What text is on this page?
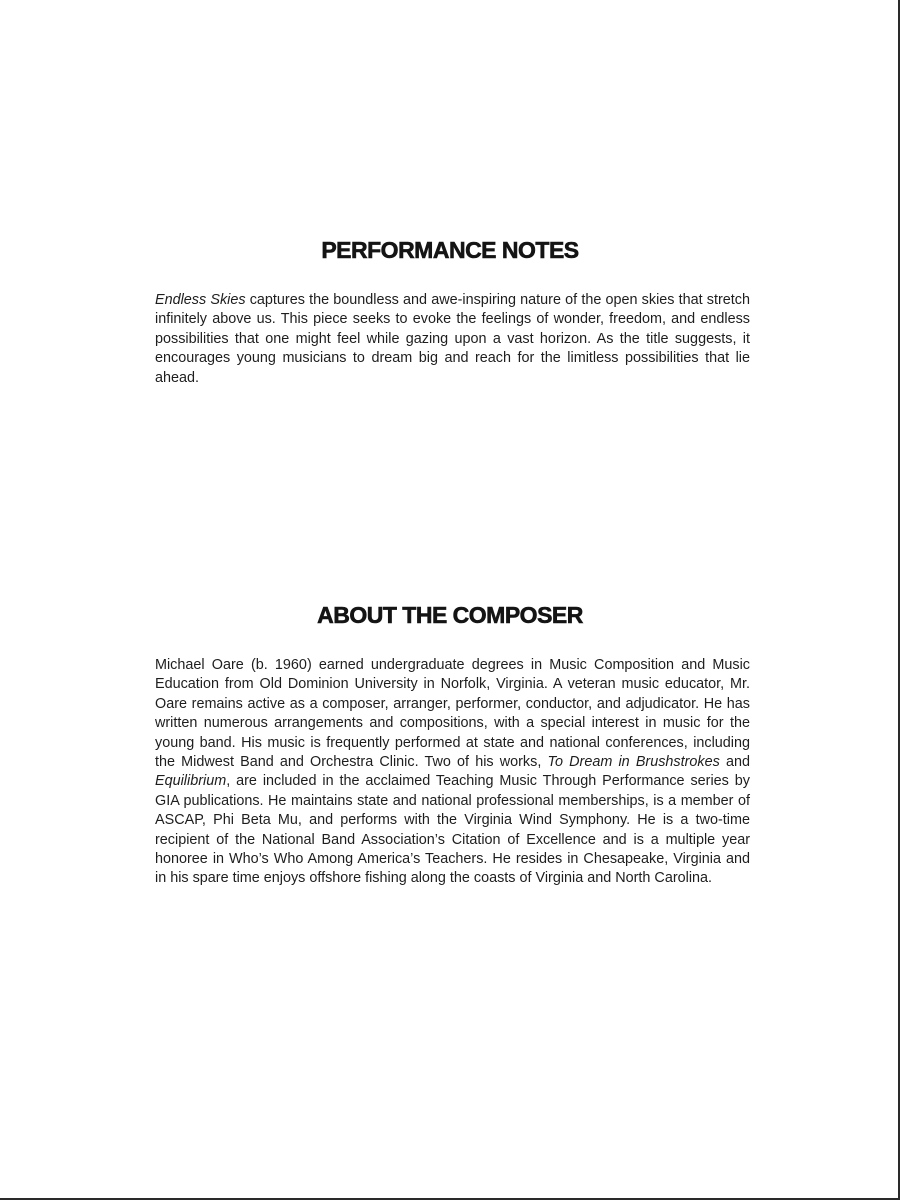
PERFORMANCE NOTES

Endless Skies captures the boundless and awe-inspiring nature of the open skies that stretch infinitely above us. This piece seeks to evoke the feelings of wonder, freedom, and endless possibilities that one might feel while gazing upon a vast horizon. As the title suggests, it encourages young musicians to dream big and reach for the limitless possibilities that lie ahead.

ABOUT THE COMPOSER

Michael Oare (b. 1960) earned undergraduate degrees in Music Composition and Music Education from Old Dominion University in Norfolk, Virginia. A veteran music educator, Mr. Oare remains active as a composer, arranger, performer, conductor, and adjudicator. He has written numerous arrangements and compositions, with a special interest in music for the young band. His music is frequently performed at state and national conferences, including the Midwest Band and Orchestra Clinic. Two of his works, To Dream in Brushstrokes and Equilibrium, are included in the acclaimed Teaching Music Through Performance series by GIA publications. He maintains state and national professional memberships, is a member of ASCAP, Phi Beta Mu, and performs with the Virginia Wind Symphony. He is a two-time recipient of the National Band Association’s Citation of Excellence and is a multiple year honoree in Who’s Who Among America’s Teachers. He resides in Chesapeake, Virginia and in his spare time enjoys offshore fishing along the coasts of Virginia and North Carolina.
